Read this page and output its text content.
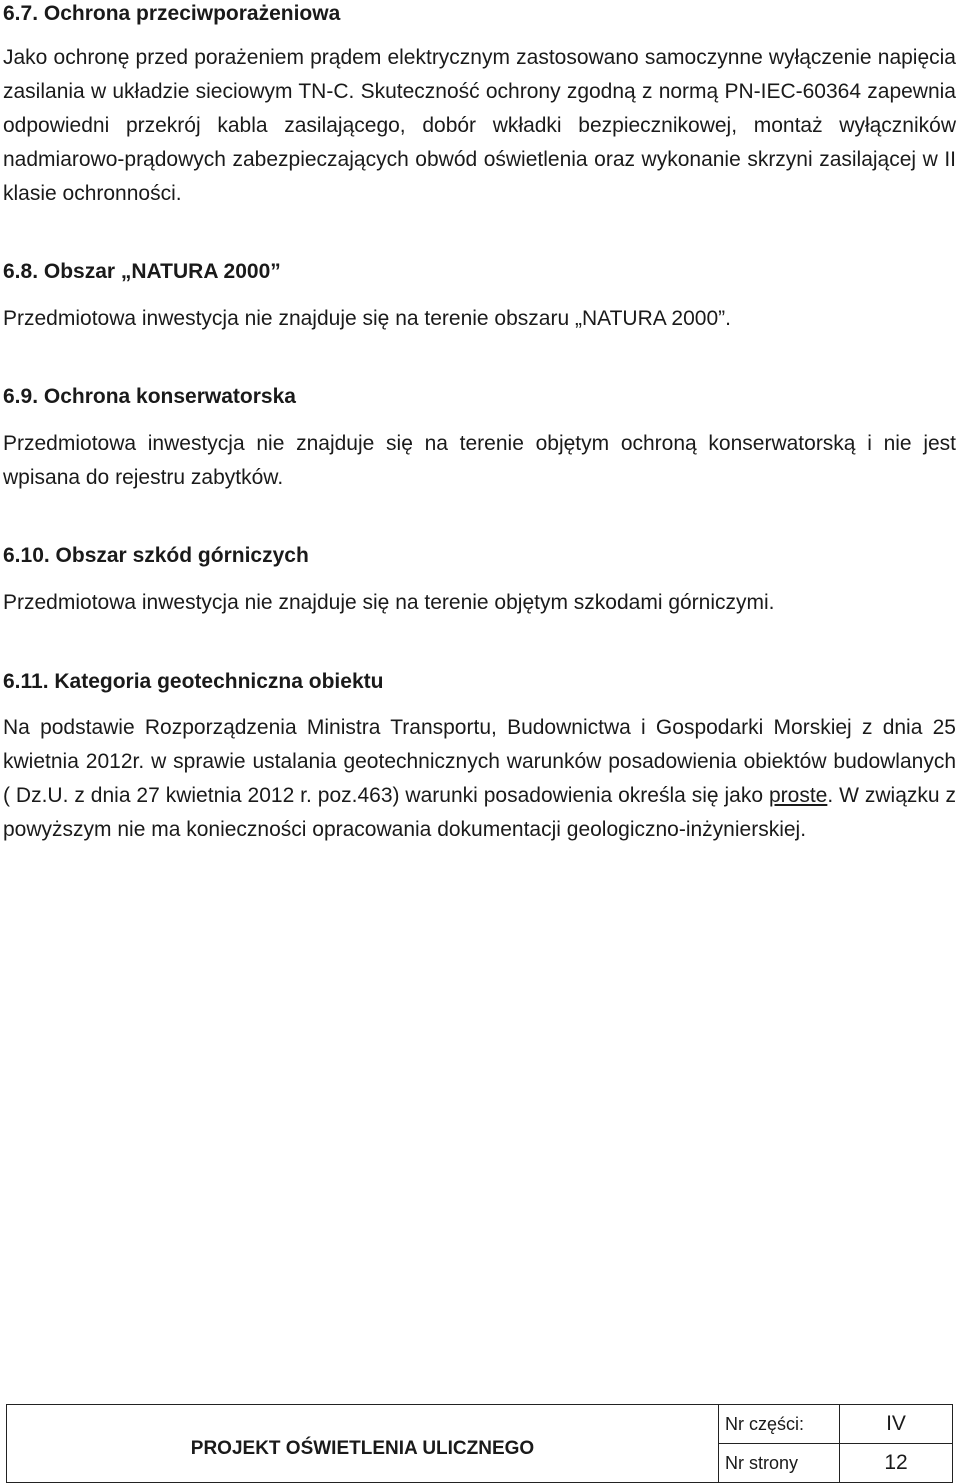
6.7. Ochrona przeciwporażeniowa

Jako ochronę przed porażeniem prądem elektrycznym zastosowano samoczynne wyłączenie napięcia zasilania w układzie sieciowym TN-C. Skuteczność ochrony zgodną z normą PN-IEC-60364 zapewnia odpowiedni przekrój kabla zasilającego, dobór wkładki bezpiecznikowej, montaż wyłączników nadmiarowo-prądowych zabezpieczających obwód oświetlenia oraz wykonanie skrzyni zasilającej w II klasie ochronności.

6.8. Obszar „NATURA 2000”

Przedmiotowa inwestycja nie znajduje się na terenie obszaru „NATURA 2000”.

6.9. Ochrona konserwatorska

Przedmiotowa inwestycja nie znajduje się na terenie objętym ochroną konserwatorską i nie jest wpisana do rejestru zabytków.

6.10. Obszar szkód górniczych

Przedmiotowa inwestycja nie znajduje się na terenie objętym szkodami górniczymi.

6.11. Kategoria geotechniczna obiektu

Na podstawie Rozporządzenia Ministra Transportu, Budownictwa i Gospodarki Morskiej z dnia 25 kwietnia 2012r. w sprawie ustalania geotechnicznych warunków posadowienia obiektów budowlanych ( Dz.U. z dnia 27 kwietnia 2012 r. poz.463) warunki posadowienia określa się jako proste. W związku z powyższym nie ma konieczności opracowania dokumentacji geologiczno-inżynierskiej.

PROJEKT OŚWIETLENIA ULICZNEGO	Nr części:	IV
	Nr strony	12
